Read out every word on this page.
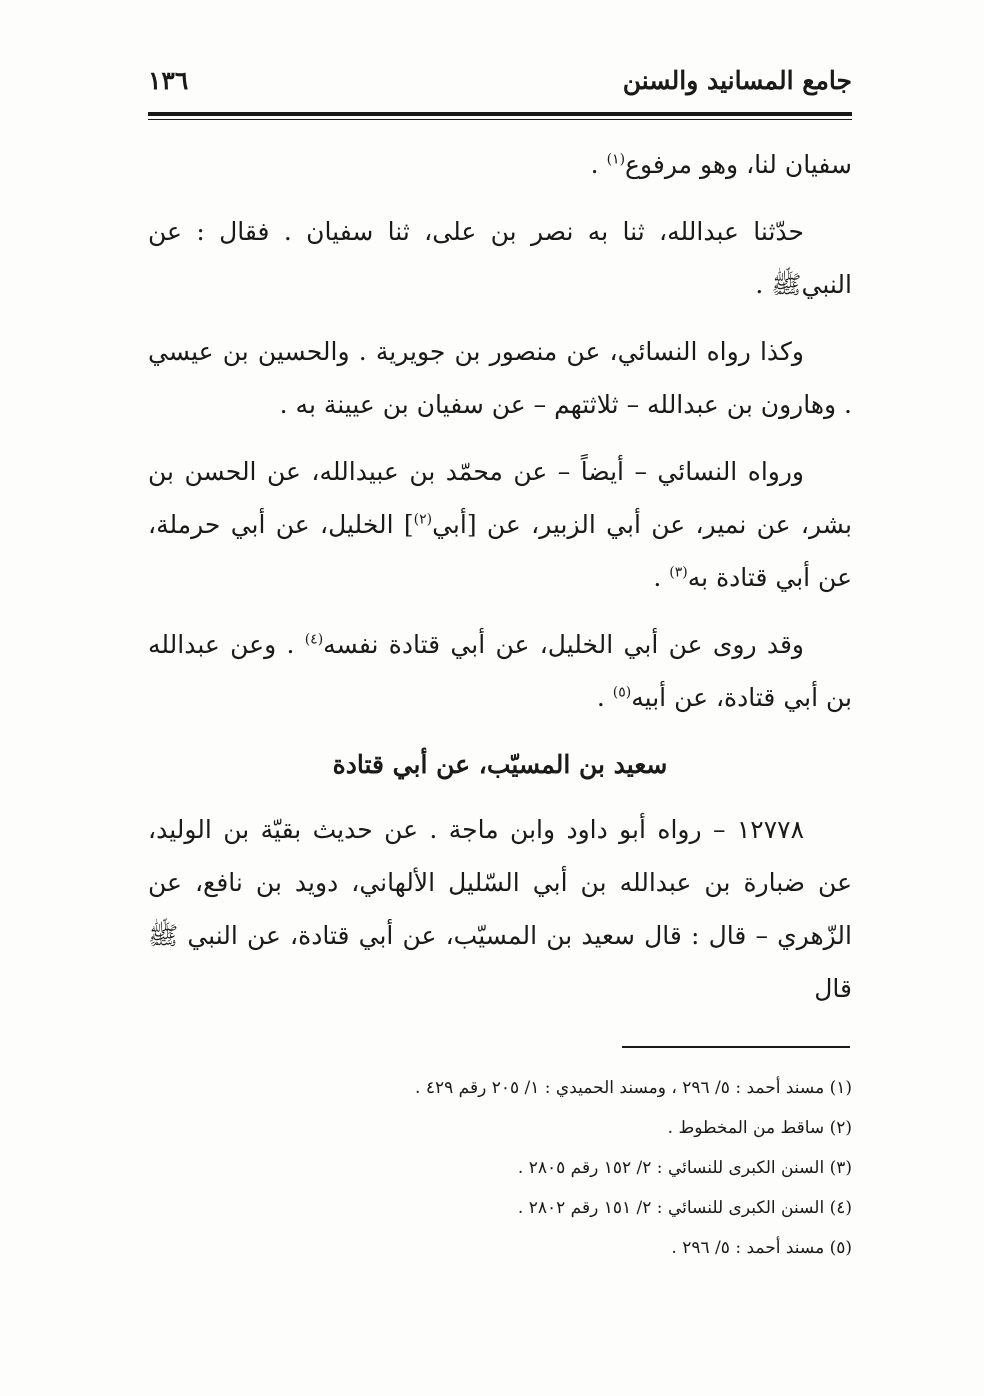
جامع المسانيد والسنن
١٣٦

سفيان لنا، وهو مرفوع$^{(١)}$ .

حدّثنا عبدالله، ثنا به نصر بن على، ثنا سفيان . فقال : عن النبيﷺ .

وكذا رواه النسائي، عن منصور بن جويرية . والحسين بن عيسي . وهارون بن عبدالله – ثلاثتهم – عن سفيان بن عيينة به .

ورواه النسائي – أيضاً – عن محمّد بن عبيدالله، عن الحسن بن بشر، عن نمير، عن أبي الزبير، عن [أبي$^{(٢)}$] الخليل، عن أبي حرملة، عن أبي قتادة به$^{(٣)}$ .

وقد روى عن أبي الخليل، عن أبي قتادة نفسه$^{(٤)}$ . وعن عبدالله بن أبي قتادة، عن أبيه$^{(٥)}$ .

سعيد بن المسيّب، عن أبي قتادة

١٢٧٧٨ – رواه أبو داود وابن ماجة . عن حديث بقيّة بن الوليد، عن ضبارة بن عبدالله بن أبي السّليل الألهاني، دويد بن نافع، عن الزّهري – قال : قال سعيد بن المسيّب، عن أبي قتادة، عن النبي ﷺ قال

(١) مسند أحمد : ٥/ ٢٩٦ ، ومسند الحميدي : ١/ ٢٠٥ رقم ٤٢٩ .

(٢) ساقط من المخطوط .

(٣) السنن الكبرى للنسائي : ٢/ ١٥٢ رقم ٢٨٠٥ .

(٤) السنن الكبرى للنسائي : ٢/ ١٥١ رقم ٢٨٠٢ .

(٥) مسند أحمد : ٥/ ٢٩٦ .
